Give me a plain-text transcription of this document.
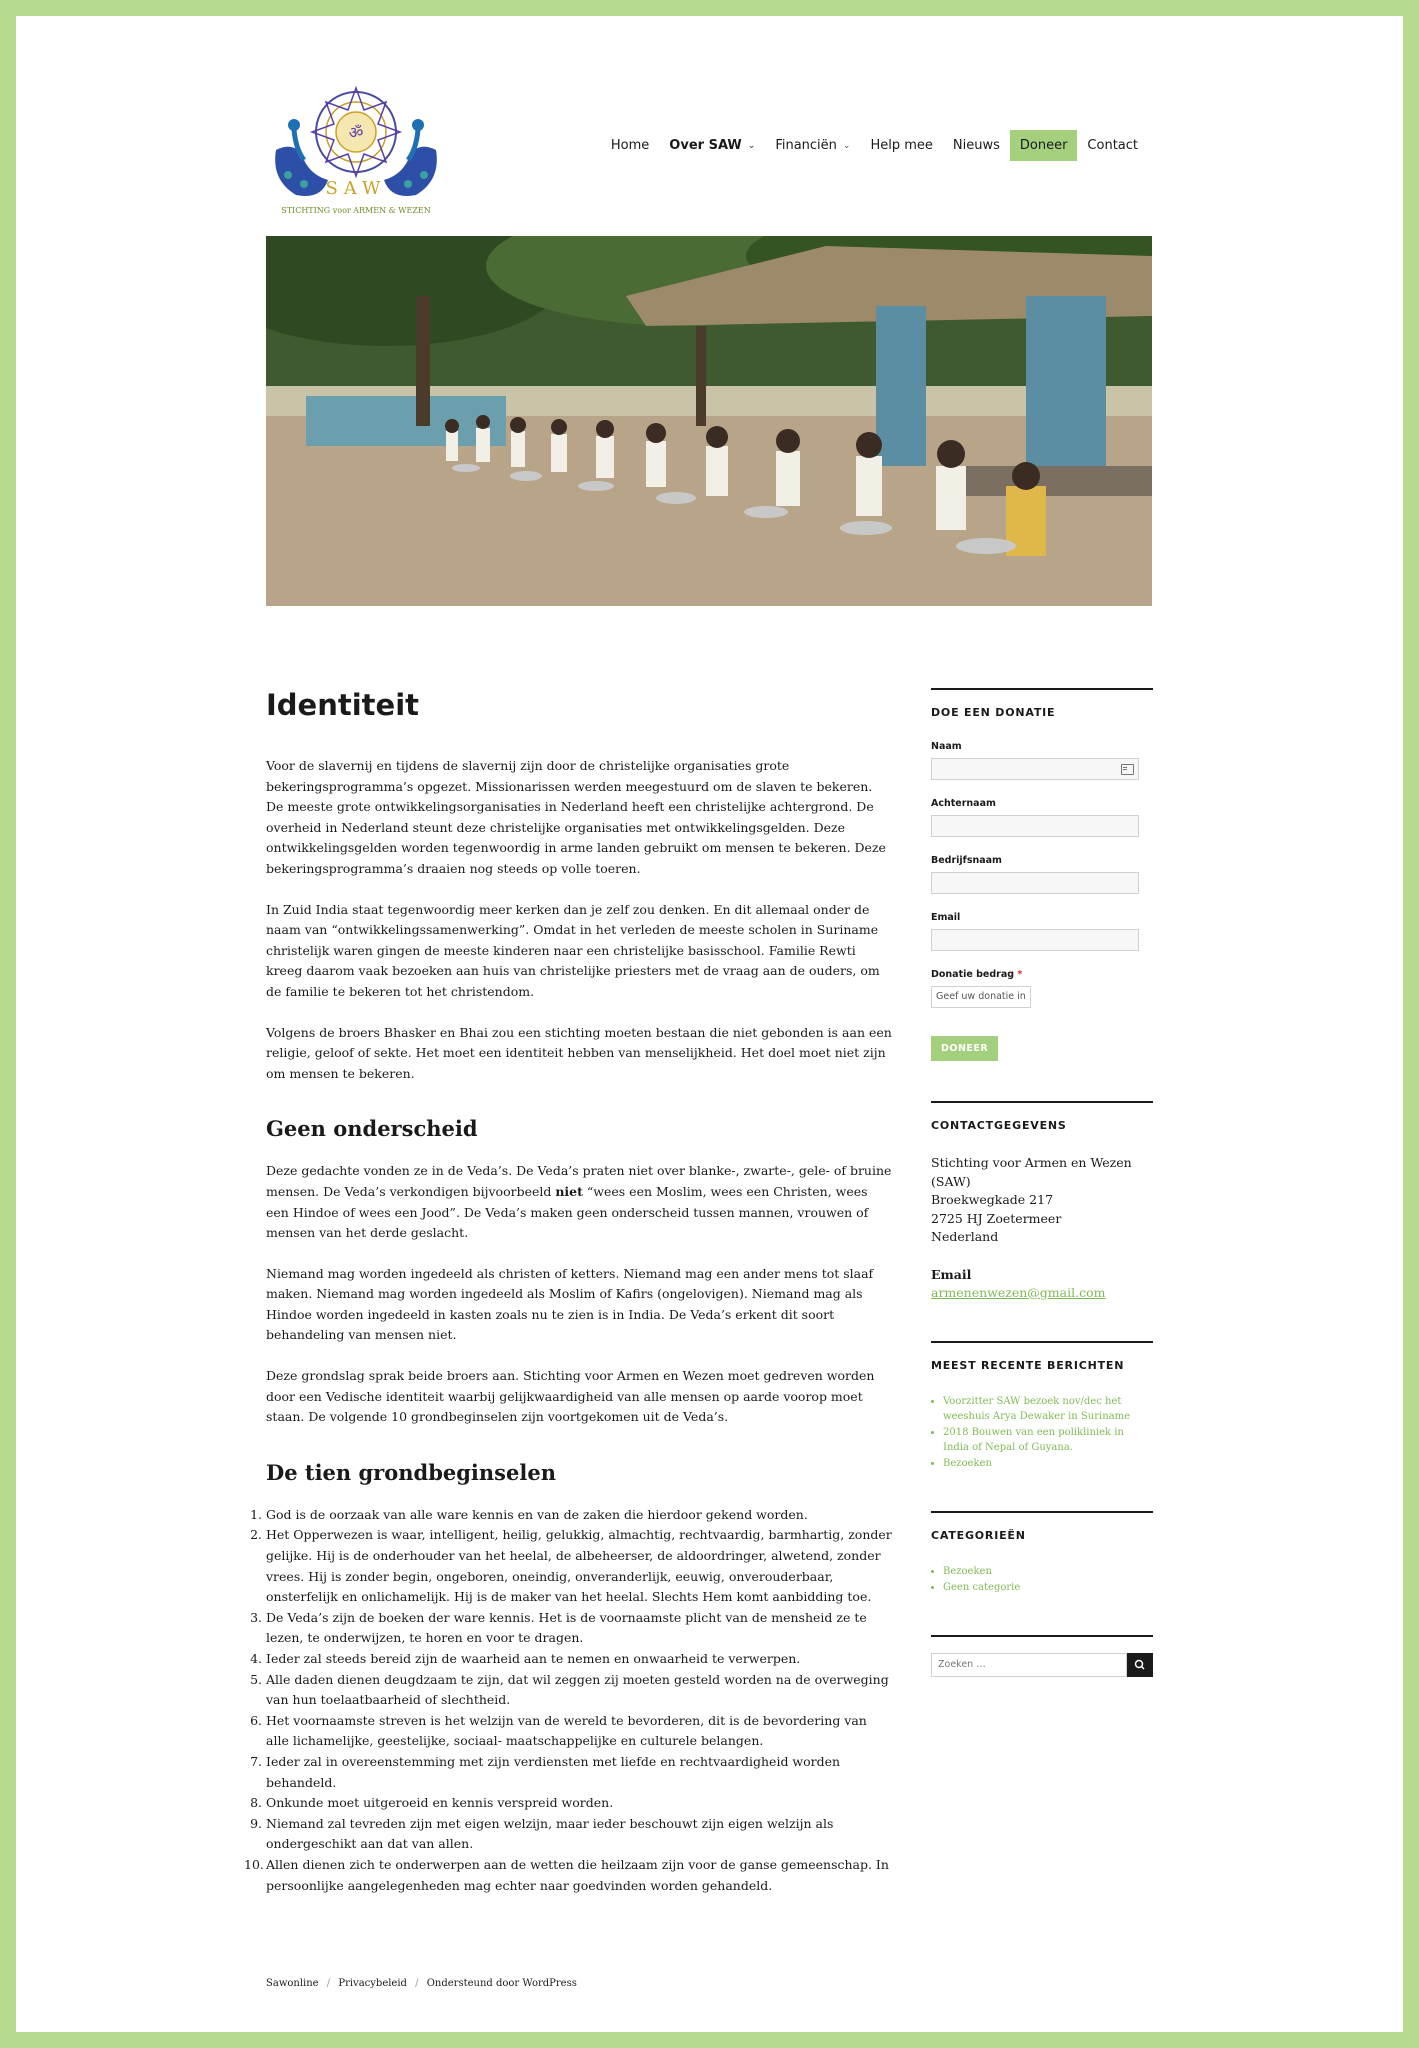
ॐ
SAW
STICHTING voor ARMEN & WEZEN
Home Over SAW ⌄ Financiën ⌄ Help mee Nieuws Doneer Contact
Identiteit

Voor de slavernij en tijdens de slavernij zijn door de christelijke organisaties grote bekeringsprogramma’s opgezet. Missionarissen werden meegestuurd om de slaven te bekeren. De meeste grote ontwikkelingsorganisaties in Nederland heeft een christelijke achtergrond. De overheid in Nederland steunt deze christelijke organisaties met ontwikkelingsgelden. Deze ontwikkelingsgelden worden tegenwoordig in arme landen gebruikt om mensen te bekeren. Deze bekeringsprogramma’s draaien nog steeds op volle toeren.

In Zuid India staat tegenwoordig meer kerken dan je zelf zou denken. En dit allemaal onder de naam van “ontwikkelingssamenwerking”. Omdat in het verleden de meeste scholen in Suriname christelijk waren gingen de meeste kinderen naar een christelijke basisschool. Familie Rewti kreeg daarom vaak bezoeken aan huis van christelijke priesters met de vraag aan de ouders, om de familie te bekeren tot het christendom.

Volgens de broers Bhasker en Bhai zou een stichting moeten bestaan die niet gebonden is aan een religie, geloof of sekte. Het moet een identiteit hebben van menselijkheid. Het doel moet niet zijn om mensen te bekeren.

Geen onderscheid

Deze gedachte vonden ze in de Veda’s. De Veda’s praten niet over blanke-, zwarte-, gele- of bruine mensen. De Veda’s verkondigen bijvoorbeeld niet “wees een Moslim, wees een Christen, wees een Hindoe of wees een Jood”. De Veda’s maken geen onderscheid tussen mannen, vrouwen of mensen van het derde geslacht.

Niemand mag worden ingedeeld als christen of ketters. Niemand mag een ander mens tot slaaf maken. Niemand mag worden ingedeeld als Moslim of Kafirs (ongelovigen). Niemand mag als Hindoe worden ingedeeld in kasten zoals nu te zien is in India. De Veda’s erkent dit soort behandeling van mensen niet.

Deze grondslag sprak beide broers aan. Stichting voor Armen en Wezen moet gedreven worden door een Vedische identiteit waarbij gelijkwaardigheid van alle mensen op aarde voorop moet staan. De volgende 10 grondbeginselen zijn voortgekomen uit de Veda’s.

De tien grondbeginselen
1. God is de oorzaak van alle ware kennis en van de zaken die hierdoor gekend worden.
2. Het Opperwezen is waar, intelligent, heilig, gelukkig, almachtig, rechtvaardig, barmhartig, zonder gelijke. Hij is de onderhouder van het heelal, de albeheerser, de aldoordringer, alwetend, zonder vrees. Hij is zonder begin, ongeboren, oneindig, onveranderlijk, eeuwig, onverouderbaar, onsterfelijk en onlichamelijk. Hij is de maker van het heelal. Slechts Hem komt aanbidding toe.
3. De Veda’s zijn de boeken der ware kennis. Het is de voornaamste plicht van de mensheid ze te lezen, te onderwijzen, te horen en voor te dragen.
4. Ieder zal steeds bereid zijn de waarheid aan te nemen en onwaarheid te verwerpen.
5. Alle daden dienen deugdzaam te zijn, dat wil zeggen zij moeten gesteld worden na de overweging van hun toelaatbaarheid of slechtheid.
6. Het voornaamste streven is het welzijn van de wereld te bevorderen, dit is de bevordering van alle lichamelijke, geestelijke, sociaal- maatschappelijke en culturele belangen.
7. Ieder zal in overeenstemming met zijn verdiensten met liefde en rechtvaardigheid worden behandeld.
8. Onkunde moet uitgeroeid en kennis verspreid worden.
9. Niemand zal tevreden zijn met eigen welzijn, maar ieder beschouwt zijn eigen welzijn als ondergeschikt aan dat van allen.
10. Allen dienen zich te onderwerpen aan de wetten die heilzaam zijn voor de ganse gemeenschap. In persoonlijke aangelegenheden mag echter naar goedvinden worden gehandeld.
DOE EEN DONATIE
Naam
Achternaam
Bedrijfsnaam
Email
Donatie bedrag *
Geef uw donatie in
DONEER
CONTACTGEGEVENS
Stichting voor Armen en Wezen (SAW)
Broekwegkade 217
2725 HJ Zoetermeer
Nederland
Email
armenenwezen@gmail.com
MEEST RECENTE BERICHTEN
• Voorzitter SAW bezoek nov/dec het weeshuis Arya Dewaker in Suriname
• 2018 Bouwen van een polikliniek in India of Nepal of Guyana.
• Bezoeken
CATEGORIEËN
• Bezoeken
• Geen categorie
Zoeken …
Sawonline / Privacybeleid / Ondersteund door WordPress
